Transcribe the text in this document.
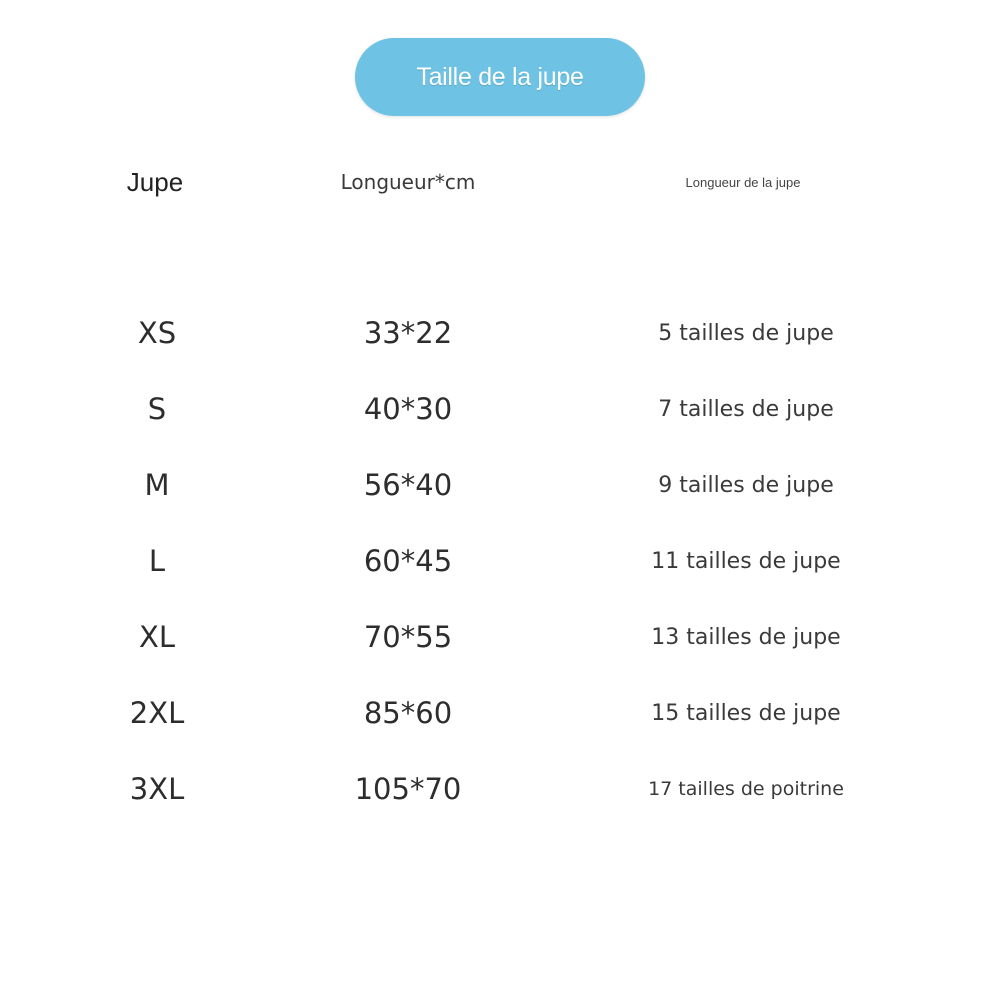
Taille de la jupe
Jupe	Longueur*cm	Longueur de la jupe
XS	33*22	5 tailles de jupe
S	40*30	7 tailles de jupe
M	56*40	9 tailles de jupe
L	60*45	11 tailles de jupe
XL	70*55	13 tailles de jupe
2XL	85*60	15 tailles de jupe
3XL	105*70	17 tailles de poitrine
